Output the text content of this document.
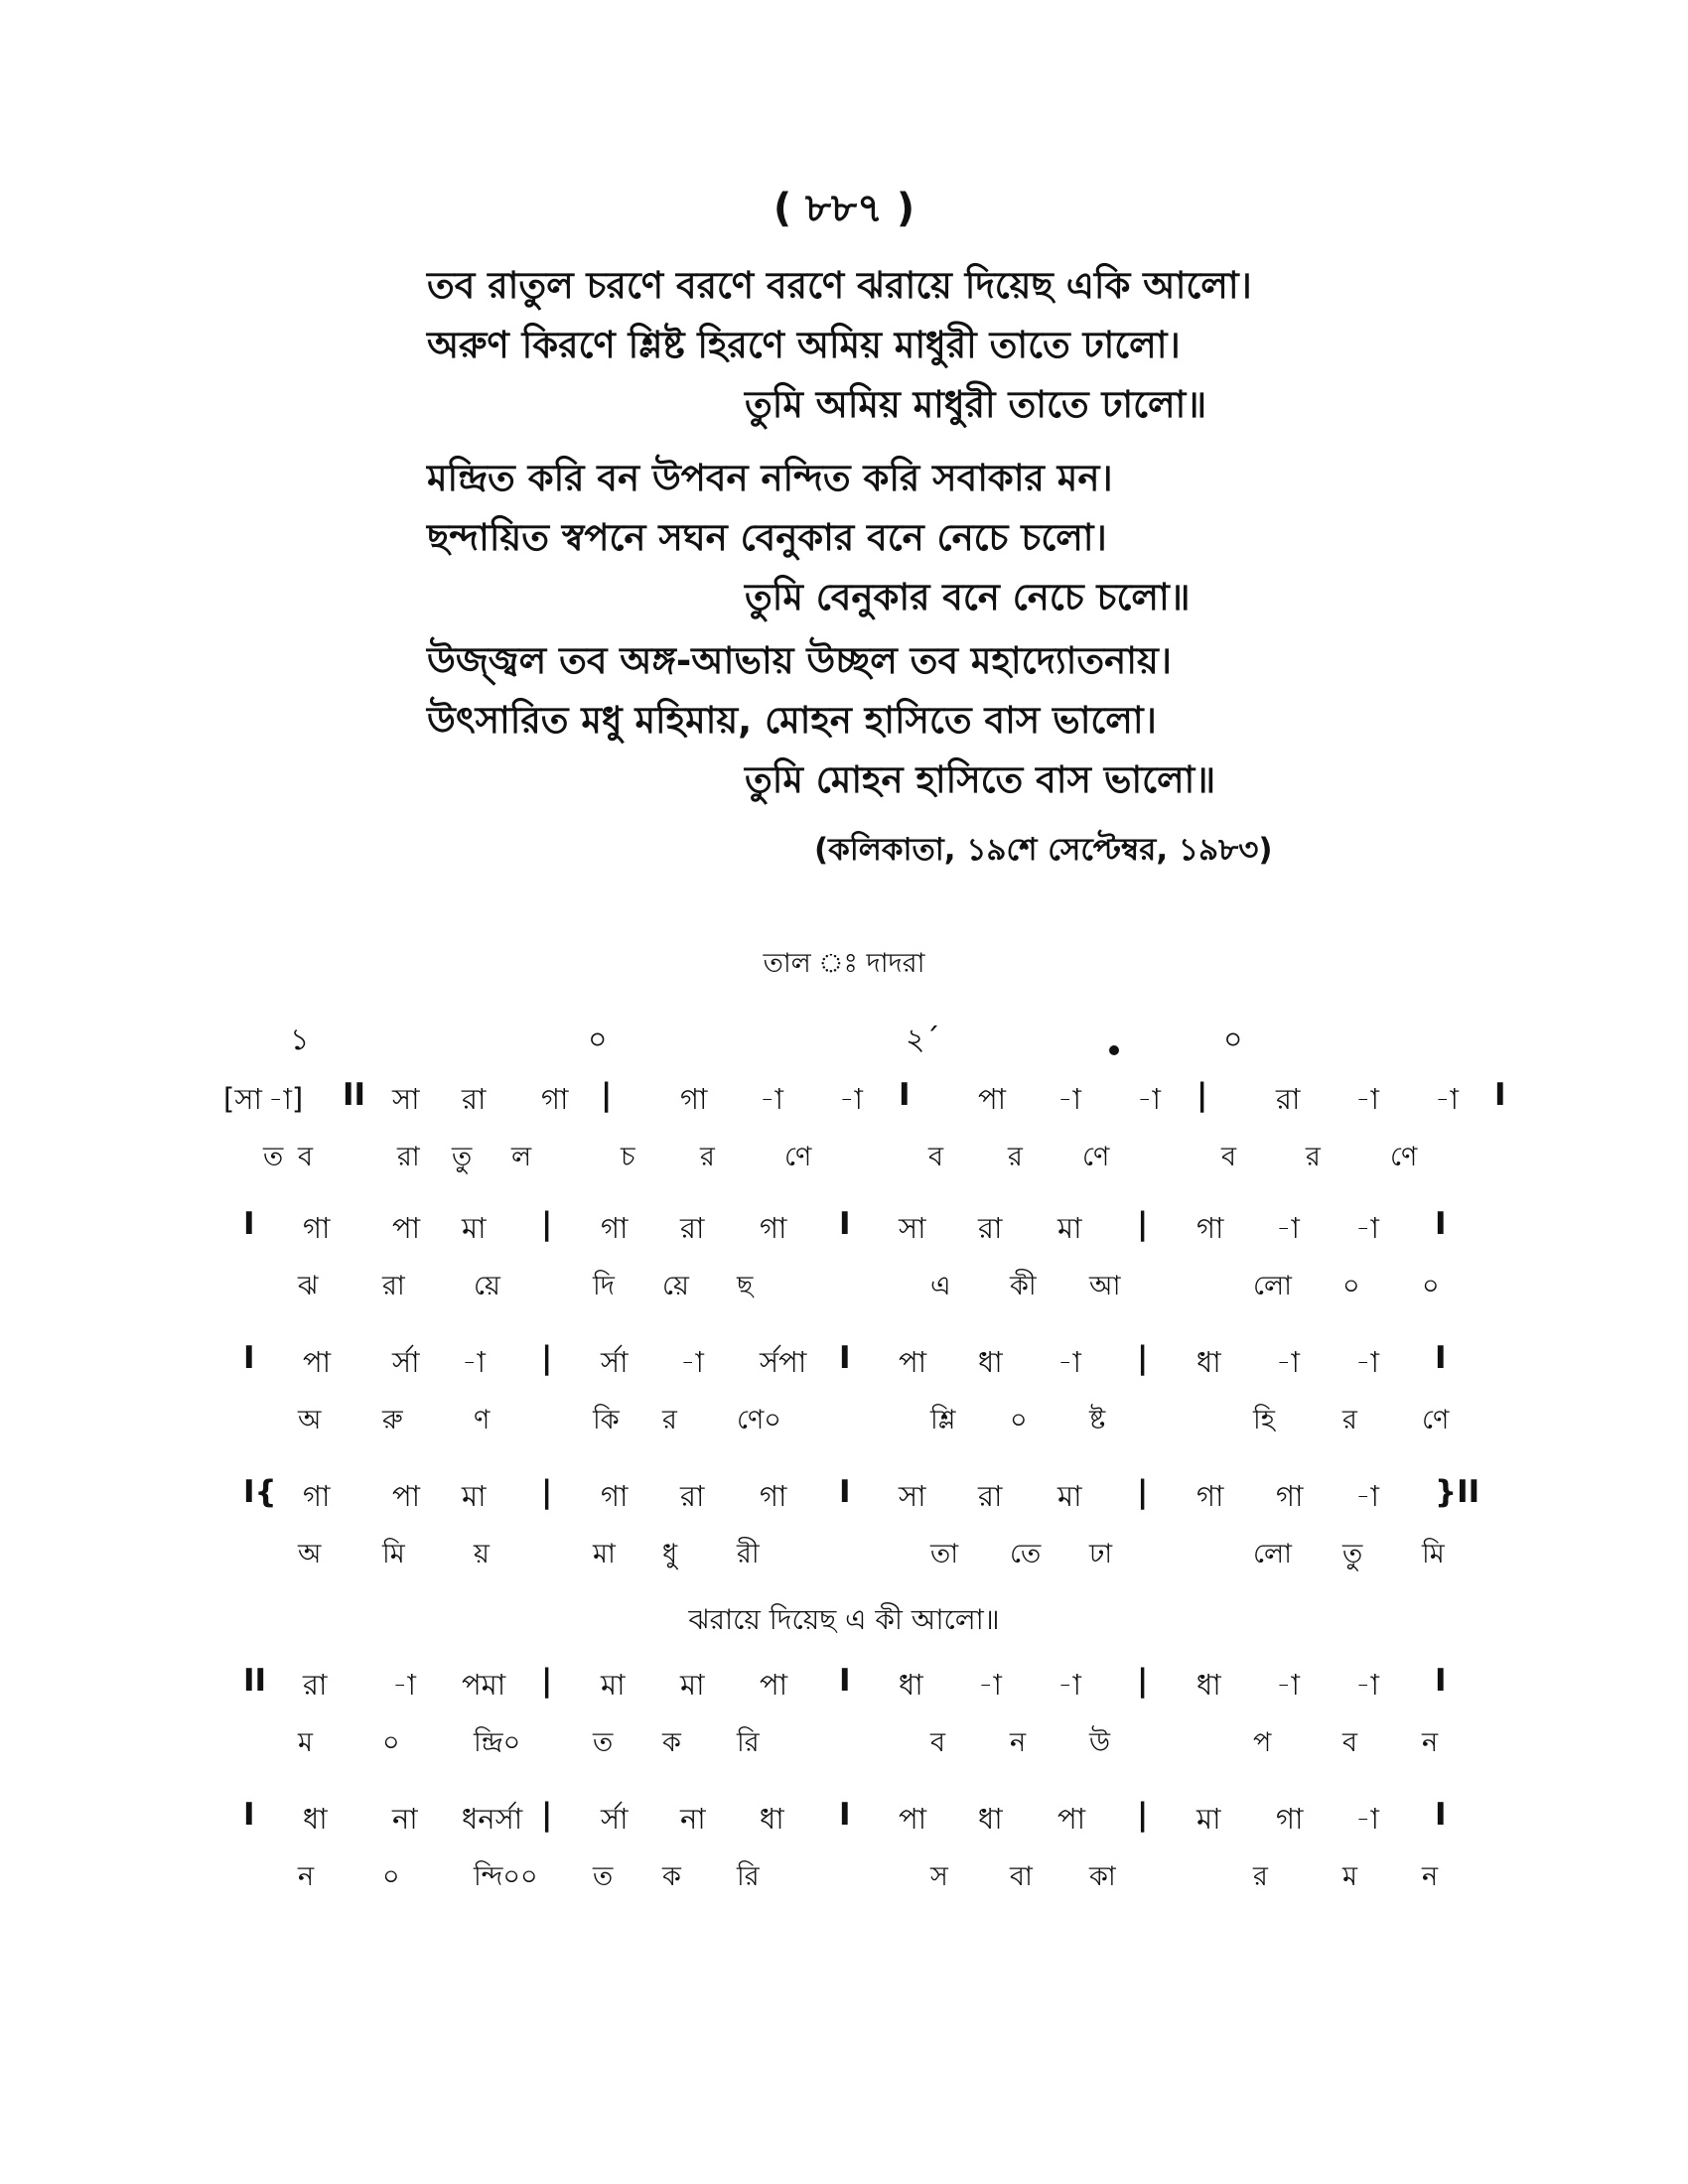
( ৮৮৭ )
তব রাতুল চরণে বরণে বরণে ঝরায়ে দিয়েছ একি আলো।
অরুণ কিরণে শ্লিষ্ট হিরণে অমিয় মাধুরী তাতে ঢালো।
তুমি অমিয় মাধুরী তাতে ঢালো॥
মন্দ্রিত করি বন উপবন নন্দিত করি সবাকার মন।
ছন্দায়িত স্বপনে সঘন বেনুকার বনে নেচে চলো।
তুমি বেনুকার বনে নেচে চলো॥
উজ্জ্বল তব অঙ্গ-আভায় উচ্ছল তব মহাদ্যোতনায়।
উৎসারিত মধু মহিমায়, মোহন হাসিতে বাস ভালো।
তুমি মোহন হাসিতে বাস ভালো॥
(কলিকাতা, ১৯শে সেপ্টেম্বর, ১৯৮৩)
তাল ঃ দাদরা
১	০	২´	০
[সা -া] II সা রা গা | গা -া -া I পা -া -া | রা -া -া I
ত ব	রা তু ল	চ র	ণে	ব র ণে	ব	র	ণে
I গা পা মা | গা রা গা I সা রা মা | গা -া -া I
ঝ রা	য়ে	দি য়ে ছ	এ কী আ	লো ০ ০
I পা র্সা -া | র্সা -া র্সপা I পা ধা -া | ধা -া -া I
অ রু	ণ	কি র ণে০	শ্লি ০ ষ্ট	হি	র ণে
I{ গা পা মা | গা রা গা I সা রা মা | গা গা -া }II
অ মি	য়	মা ধু রী	তা তে ঢা	লো তু মি
II রা -া পমা | মা মা পা I ধা -া -া | ধা -া -া I
ম	০	ন্দ্রি০	ত ক রি	ব ন উ	প	ব ন
I ধা না ধনর্সা | র্সা না ধা I পা ধা পা | মা গা -া I
ন	০	ন্দি০০ ত ক রি	স বা কা	র	ম ন
ঝরায়ে দিয়েছ এ কী আলো॥
